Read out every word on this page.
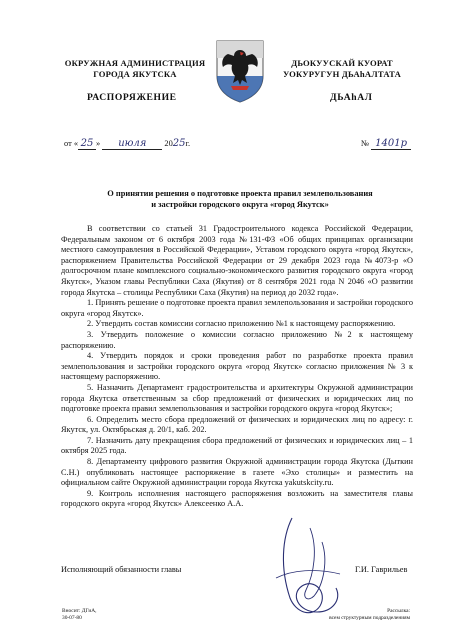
ОКРУЖНАЯ АДМИНИСТРАЦИЯ
ГОРОДА ЯКУТСКА
ДЬОКУУСКАЙ КУОРАТ
УОКУРУГУН ДЬАһАЛТАТА
РАСПОРЯЖЕНИЕ	ДЬАһАЛ
от « 25 » июля 2025г.	№ 1401р
О принятии решения о подготовке проекта правил землепользования
и застройки городского округа «город Якутск»

В соответствии со статьей 31 Градостроительного кодекса Российской Федерации, Федеральным законом от 6 октября 2003 года №131-ФЗ «Об общих принципах организации местного самоуправления в Российской Федерации», Уставом городского округа «город Якутск», распоряжением Правительства Российской Федерации от 29 декабря 2023 года №4073-р «О долгосрочном плане комплексного социально-экономического развития городского округа «город Якутск», Указом главы Республики Саха (Якутия) от 8 сентября 2021 года N 2046 «О развитии города Якутска – столицы Республики Саха (Якутия) на период до 2032 года».

1. Принять решение о подготовке проекта правил землепользования и застройки городского округа «город Якутск».

2. Утвердить состав комиссии согласно приложению №1 к настоящему распоряжению.

3. Утвердить положение о комиссии согласно приложению №2 к настоящему распоряжению.

4. Утвердить порядок и сроки проведения работ по разработке проекта правил землепользования и застройки городского округа «город Якутск» согласно приложения № 3 к настоящему распоряжению.

5. Назначить Департамент градостроительства и архитектуры Окружной администрации города Якутска ответственным за сбор предложений от физических и юридических лиц по подготовке проекта правил землепользования и застройки городского округа «город Якутск»;

6. Определить место сбора предложений от физических и юридических лиц по адресу: г. Якутск, ул. Октябрьская д. 20/1, каб. 202.

7. Назначить дату прекращения сбора предложений от физических и юридических лиц – 1 октября 2025 года.

8. Департаменту цифрового развития Окружной администрации города Якутска (Дыткин С.Н.) опубликовать настоящее распоряжение в газете «Эхо столицы» и разместить на официальном сайте Окружной администрации города Якутска yakutskcity.ru.

9. Контроль исполнения настоящего распоряжения возложить на заместителя главы городского округа «город Якутск» Алексеенко А.А.

Исполняющий обязанности главы	Г.И. Гаврильев
Вносит: ДГиА,
30-07-80
Рассылка:
всем структурным подразделениям
